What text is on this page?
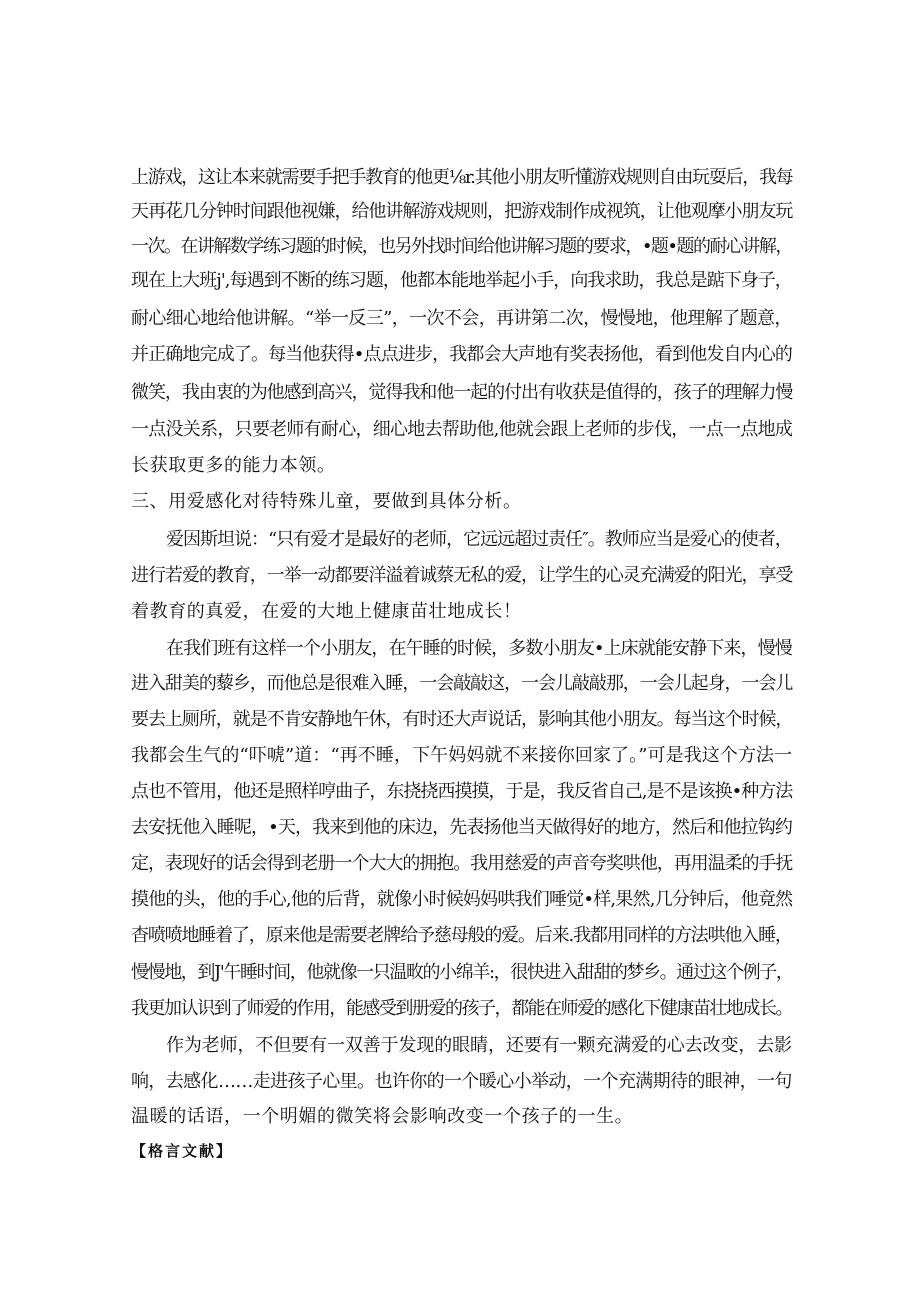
上游戏，这让本来就需要手把手教育的他更⅛r.其他小朋友听懂游戏规则自由玩耍后，我每
天再花几分钟时间跟他视嫌，给他讲解游戏规则，把游戏制作成视筑，让他观摩小朋友玩
一次。在讲解数学练习题的时候，也另外找时间给他讲解习题的要求，•题•题的耐心讲解，
现在上大班j',每遇到不断的练习题，他都本能地举起小手，向我求助，我总是踮下身子，
耐心细心地给他讲解。“举一反三”，一次不会，再讲第二次，慢慢地，他理解了题意，
并正确地完成了。每当他获得•点点进步，我都会大声地有奖表扬他，看到他发自内心的
微笑，我由衷的为他感到高兴，觉得我和他一起的付出有收获是值得的，孩子的理解力慢
一点没关系，只要老师有耐心，细心地去帮助他,他就会跟上老师的步伐，一点一点地成
长获取更多的能力本领。
三、用爱感化对待特殊儿童，要做到具体分析。
爱因斯坦说：“只有爱才是最好的老师，它远远超过责任″。教师应当是爱心的使者，
进行若爱的教育，一举一动都要洋溢着诚蔡无私的爱，让学生的心灵充满爱的阳光，享受
着教育的真爱，在爱的大地上健康苗壮地成长！
在我们班有这样一个小朋友，在午睡的时候，多数小朋友•上床就能安静下来，慢慢
进入甜美的藜乡，而他总是很难入睡，一会敲敲这，一会儿敲敲那，一会儿起身，一会儿
要去上厕所，就是不肯安静地午休，有时还大声说话，影响其他小朋友。每当这个时候，
我都会生气的“吓唬”道：“再不睡，下午妈妈就不来接你回家了。”可是我这个方法一
点也不管用，他还是照样哼曲子，东挠挠西摸摸，于是，我反省自己,是不是该换•种方法
去安抚他入睡呢，•天，我来到他的床边，先表扬他当天做得好的地方，然后和他拉钩约
定，表现好的话会得到老册一个大大的拥抱。我用慈爱的声音夸奖哄他，再用温柔的手抚
摸他的头，他的手心,他的后背，就像小时候妈妈哄我们唾觉•样,果然,几分钟后，他竟然
杳喷喷地睡着了，原来他是需要老牌给予慈母般的爱。后来.我都用同样的方法哄他入睡，
慢慢地，到J'午睡时间，他就像一只温畋的小绵羊:，很快进入甜甜的梦乡。通过这个例子，
我更加认识到了师爱的作用，能感受到册爱的孩子，都能在师爱的感化下健康苗壮地成长。
作为老师，不但要有一双善于发现的眼睛，还要有一颗充满爱的心去改变，去影
响，去感化……走进孩子心里。也许你的一个暖心小举动，一个充满期待的眼神，一句
温暖的话语，一个明媚的微笑将会影响改变一个孩子的一生。
【格言文献】
